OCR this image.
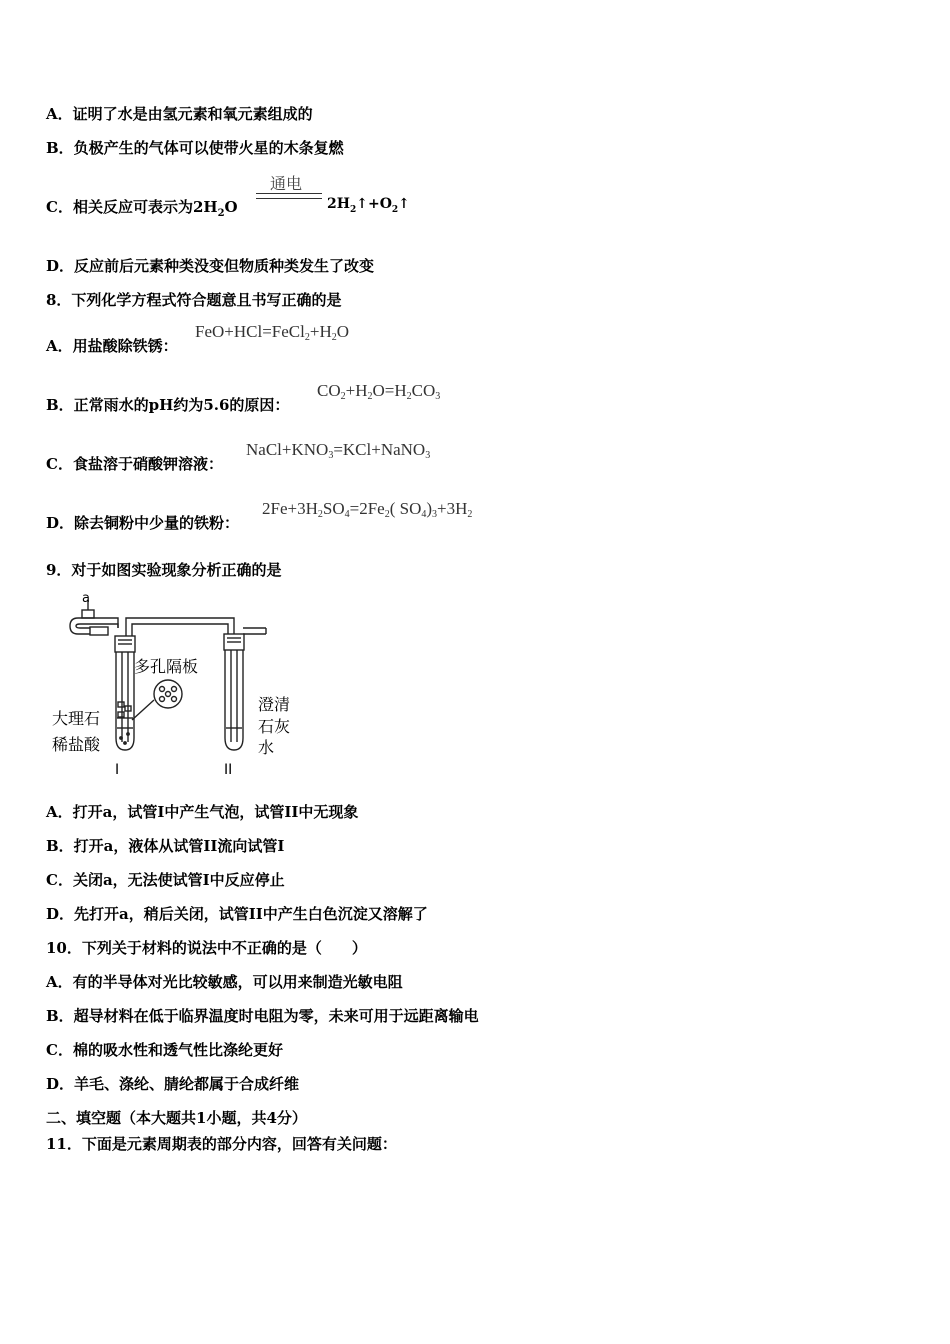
A．证明了水是由氢元素和氧元素组成的
B．负极产生的气体可以使带火星的木条复燃
C．相关反应可表示为$2H_2O$
通电
$2H_2↑+O_2↑$
D．反应前后元素种类没变但物质种类发生了改变
8．下列化学方程式符合题意且书写正确的是
A．用盐酸除铁锈：
$FeO+HCl=FeCl_2+H_2O$
B．正常雨水的pH约为5.6的原因：
$CO_2+H_2O=H_2CO_3$
C．食盐溶于硝酸钾溶液：
$NaCl+KNO_3=KCl+NaNO_3$
D．除去铜粉中少量的铁粉：
$2Fe+3H_2SO_4=2Fe_2$( $SO_4)_3+3H_2$
9．对于如图实验现象分析正确的是
a
多孔隔板
大理石
稀盐酸
澄清
石灰
水
I	II
A．打开a，试管I中产生气泡，试管II中无现象
B．打开a，液体从试管II流向试管I
C．关闭a，无法使试管I中反应停止
D．先打开a，稍后关闭，试管II中产生白色沉淀又溶解了
10．下列关于材料的说法中不正确的是（　　）
A．有的半导体对光比较敏感，可以用来制造光敏电阻
B．超导材料在低于临界温度时电阻为零，未来可用于远距离输电
C．棉的吸水性和透气性比涤纶更好
D．羊毛、涤纶、腈纶都属于合成纤维
二、填空题（本大题共1小题，共4分）
11．下面是元素周期表的部分内容，回答有关问题：
